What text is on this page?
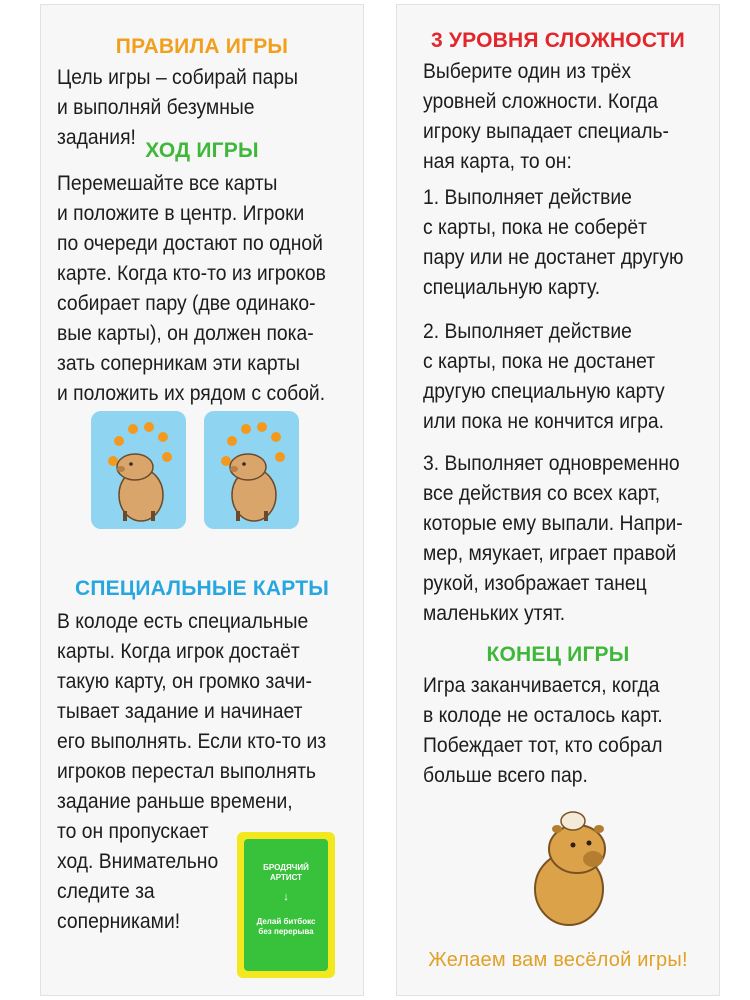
ПРАВИЛА ИГРЫ
Цель игры – собирай пары
и выполняй безумные задания!
ХОД ИГРЫ
Перемешайте все карты
и положите в центр. Игроки
по очереди достают по одной
карте. Когда кто-то из игроков
собирает пару (две одинако-
вые карты), он должен пока-
зать соперникам эти карты
и положить их рядом с собой.
СПЕЦИАЛЬНЫЕ КАРТЫ
В колоде есть специальные
карты. Когда игрок достаёт
такую карту, он громко зачи-
тывает задание и начинает
его выполнять. Если кто-то из
игроков перестал выполнять
задание раньше времени,
то он пропускает
ход. Внимательно
следите за
соперниками!
БРОДЯЧИЙ
АРТИСТ
↓
Делай битбокс
без перерыва
3 УРОВНЯ СЛОЖНОСТИ
Выберите один из трёх
уровней сложности. Когда
игроку выпадает специаль-
ная карта, то он:
1. Выполняет действие
с карты, пока не соберёт
пару или не достанет другую
специальную карту.
2. Выполняет действие
с карты, пока не достанет
другую специальную карту
или пока не кончится игра.
3. Выполняет одновременно
все действия со всех карт,
которые ему выпали. Напри-
мер, мяукает, играет правой
рукой, изображает танец
маленьких утят.
КОНЕЦ ИГРЫ
Игра заканчивается, когда
в колоде не осталось карт.
Побеждает тот, кто собрал
больше всего пар.
Желаем вам весёлой игры!
